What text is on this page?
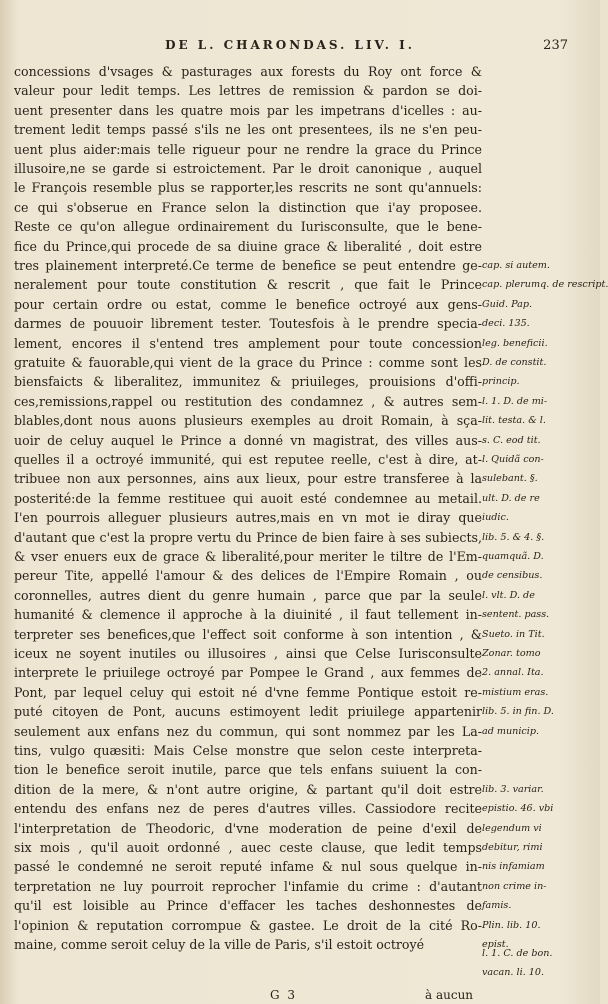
DE L. CHARONDAS. LIV. I.	237
concessions d'vsages & pasturages aux forests du Roy ont force &
valeur pour ledit temps. Les lettres de remission & pardon se doi-
uent presenter dans les quatre mois par les impetrans d'icelles : au-
trement ledit temps passé s'ils ne les ont presentees, ils ne s'en peu-
uent plus aider:mais telle rigueur pour ne rendre la grace du Prince
illusoire,ne se garde si estroictement. Par le droit canonique , auquel
le François resemble plus se rapporter,les rescrits ne sont qu'annuels:
ce qui s'obserue en France selon la distinction que i'ay proposee.
Reste ce qu'on allegue ordinairement du Iurisconsulte, que le bene-
fice du Prince,qui procede de sa diuine grace & liberalité , doit estre
tres plainement interpreté.Ce terme de benefice se peut entendre ge- cap. si autem.
neralement pour toute constitution & rescrit , que fait le Prince cap. plerumq. de rescript.
pour certain ordre ou estat, comme le benefice octroyé aux gens- Guid. Pap.
darmes de pouuoir librement tester. Toutesfois à le prendre specia- deci. 135.
lement, encores il s'entend tres amplement pour toute concession leg. beneficii.
gratuite & fauorable,qui vient de la grace du Prince : comme sont les D. de constit.
biensfaicts & liberalitez, immunitez & priuileges, prouisions d'offi- princip.
ces,remissions,rappel ou restitution des condamnez , & autres sem- l. 1. D. de mi-
blables,dont nous auons plusieurs exemples au droit Romain, à sça- lit. testa. & l.
uoir de celuy auquel le Prince a donné vn magistrat, des villes aus- s. C. eod tit.
quelles il a octroyé immunité, qui est reputee reelle, c'est à dire, at- l. Quidã con-
tribuee non aux personnes, ains aux lieux, pour estre transferee à la sulebant. §.
posterité:de la femme restituee qui auoit esté condemnee au metail. ult. D. de re
I'en pourrois alleguer plusieurs autres,mais en vn mot ie diray que iudic.
d'autant que c'est la propre vertu du Prince de bien faire à ses subiects, lib. 5. & 4. §.
& vser enuers eux de grace & liberalité,pour meriter le tiltre de l'Em- quamquã. D.
pereur Tite, appellé l'amour & des delices de l'Empire Romain , ou de censibus.
coronnelles, autres dient du genre humain , parce que par la seule l. vlt. D. de
humanité & clemence il approche à la diuinité , il faut tellement in- sentent. pass.
terpreter ses benefices,que l'effect soit conforme à son intention , & Sueto. in Tit.
iceux ne soyent inutiles ou illusoires , ainsi que Celse Iurisconsulte Zonar. tomo
interprete le priuilege octroyé par Pompee le Grand , aux femmes de 2. annal. Ita.
Pont, par lequel celuy qui estoit né d'vne femme Pontique estoit re- mistium eras.
puté citoyen de Pont, aucuns estimoyent ledit priuilege appartenir lib. 5. in fin. D.
seulement aux enfans nez du commun, qui sont nommez par les La- ad municip.
tins, vulgo quæsiti: Mais Celse monstre que selon ceste interpreta-
tion le benefice seroit inutile, parce que tels enfans suiuent la con-
dition de la mere, & n'ont autre origine, & partant qu'il doit estre lib. 3. variar.
entendu des enfans nez de peres d'autres villes. Cassiodore recite epistio. 46. vbi
l'interpretation de Theodoric, d'vne moderation de peine d'exil de legendum vi
six mois , qu'il auoit ordonné , auec ceste clause, que ledit temps debitur, rimi
passé le condemné ne seroit reputé infame & nul sous quelque in- nis infamiam
terpretation ne luy pourroit reprocher l'infamie du crime : d'autant non crime in-
qu'il est loisible au Prince d'effacer les taches deshonnestes de famis.
l'opinion & reputation corrompue & gastee. Le droit de la cité Ro- Plin. lib. 10.
maine, comme seroit celuy de la ville de Paris, s'il estoit octroyé	epist.
l. 1. C. de bon.
vacan. li. 10.
G 3	à aucun
